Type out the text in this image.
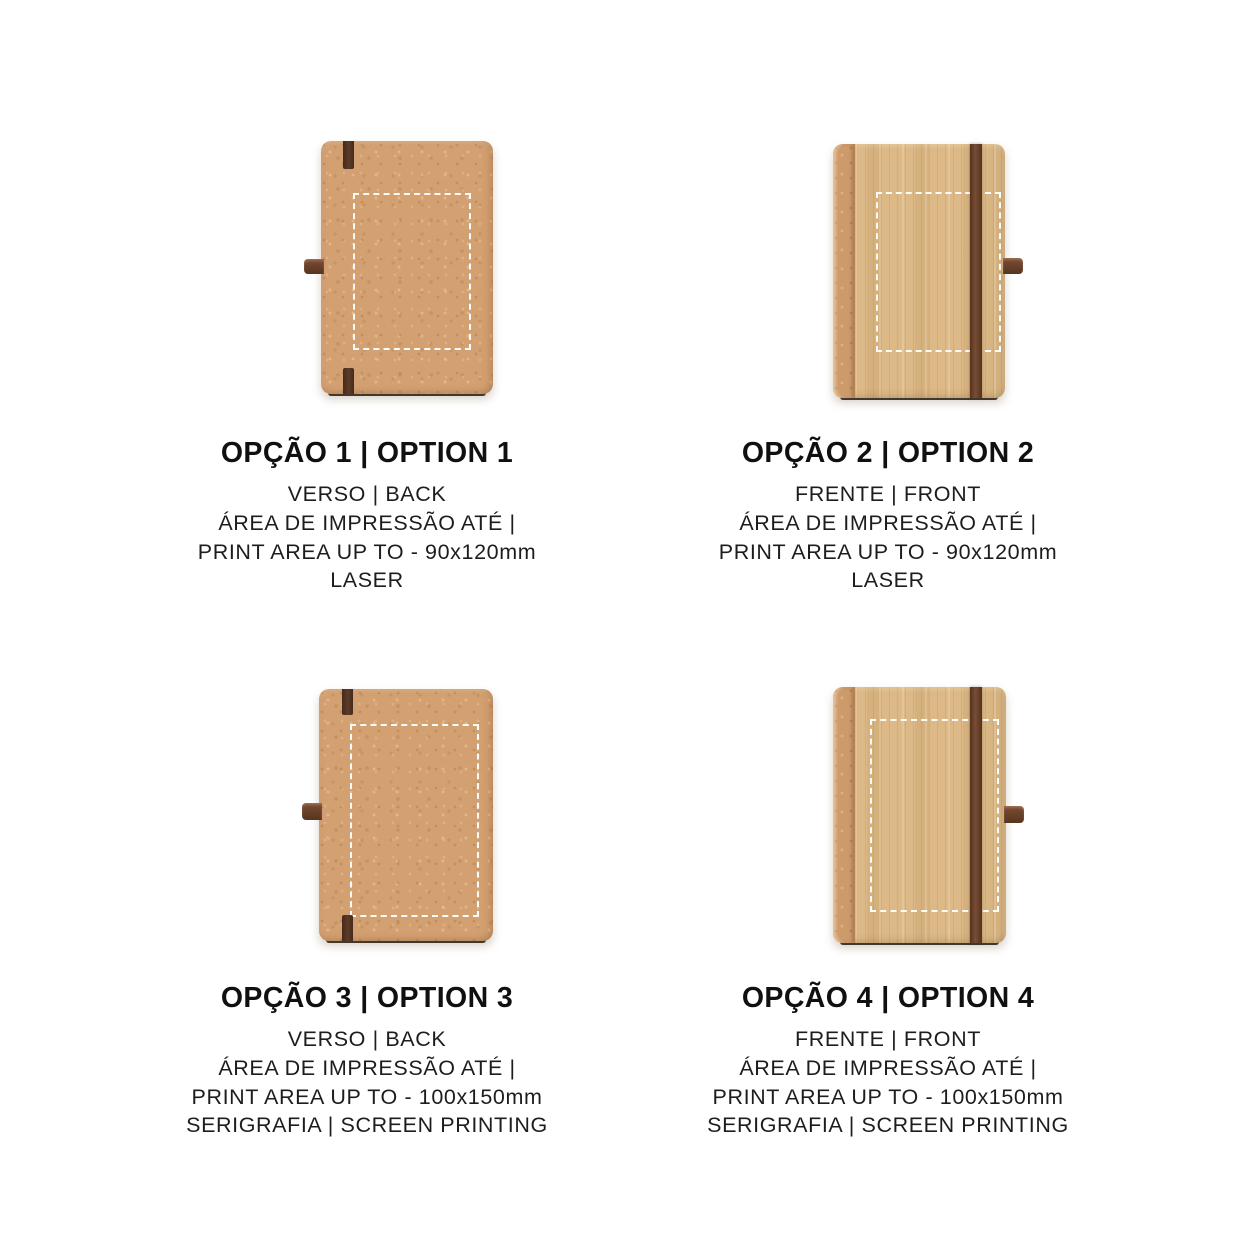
OPÇÃO 1 | OPTION 1

VERSO | BACK

ÁREA DE IMPRESSÃO ATÉ |

PRINT AREA UP TO - 90x120mm

LASER

OPÇÃO 2 | OPTION 2

FRENTE | FRONT

ÁREA DE IMPRESSÃO ATÉ |

PRINT AREA UP TO - 90x120mm

LASER

OPÇÃO 3 | OPTION 3

VERSO | BACK

ÁREA DE IMPRESSÃO ATÉ |

PRINT AREA UP TO - 100x150mm

SERIGRAFIA | SCREEN PRINTING

OPÇÃO 4 | OPTION 4

FRENTE | FRONT

ÁREA DE IMPRESSÃO ATÉ |

PRINT AREA UP TO - 100x150mm

SERIGRAFIA | SCREEN PRINTING
